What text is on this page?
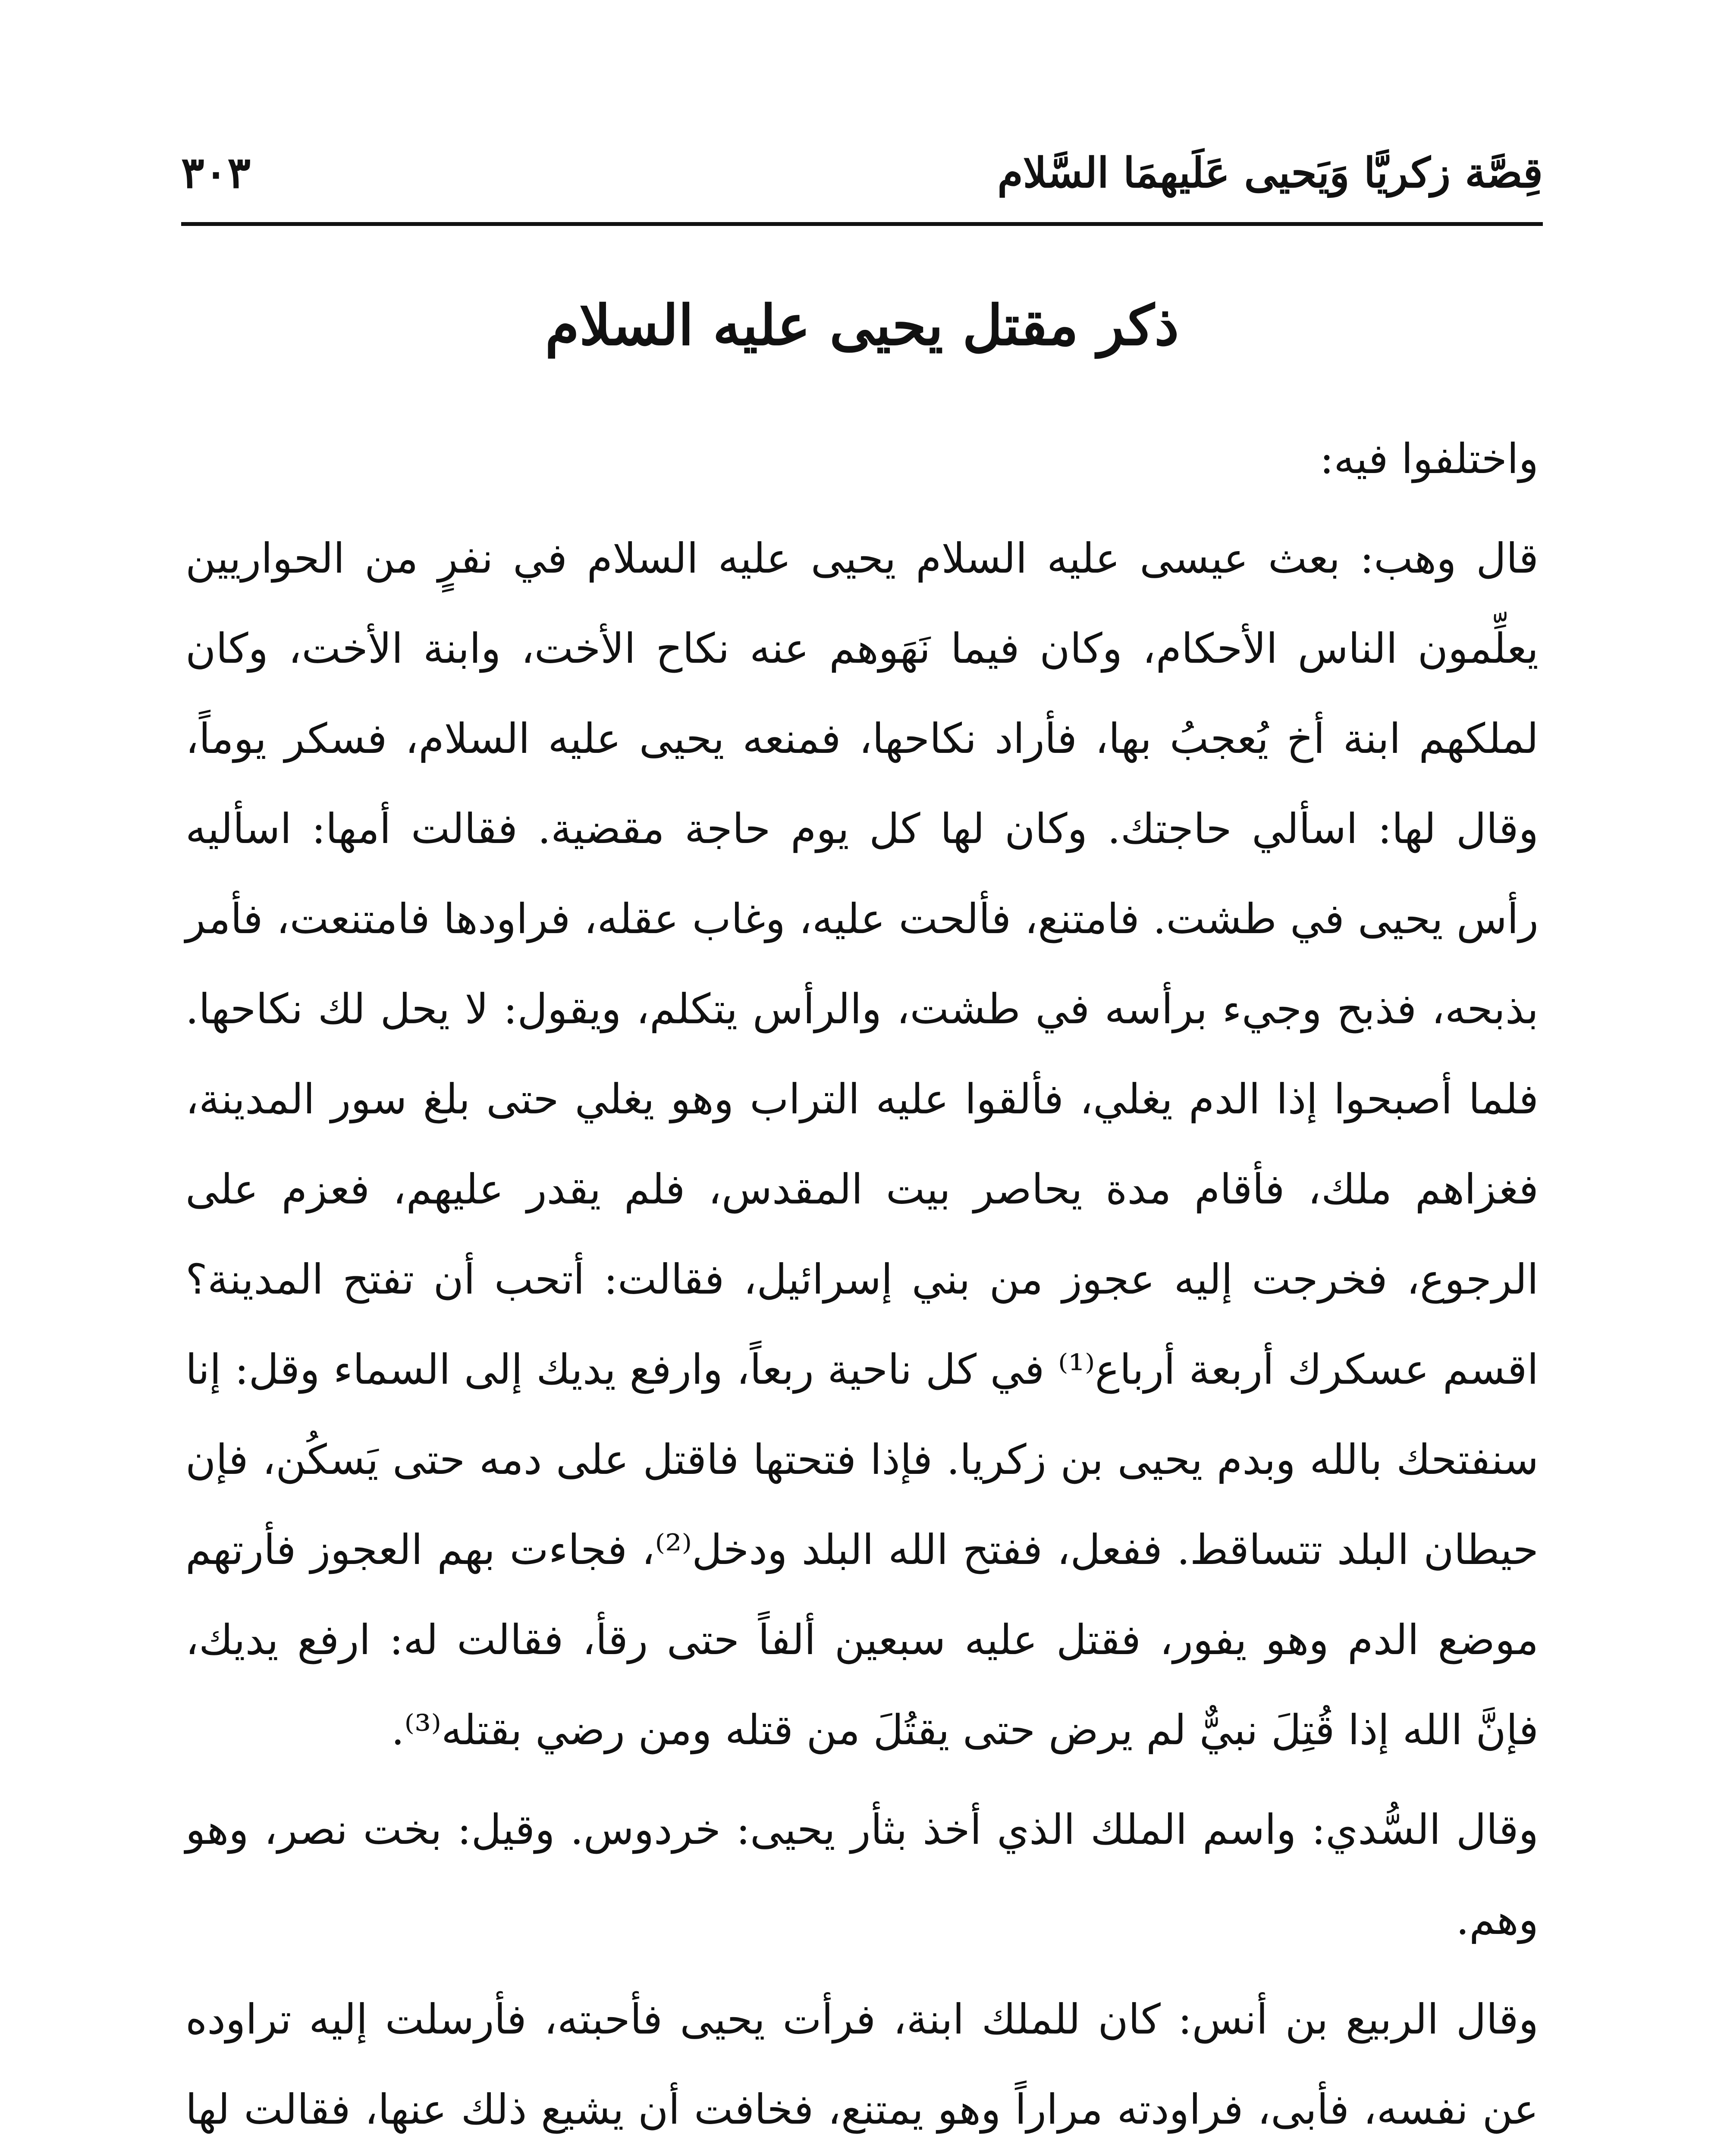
قِصَّة زكريَّا وَيَحيى عَلَيهمَا السَّلام
٣٠٣
ذكر مقتل يحيى عليه السلام

واختلفوا فيه:

قال وهب: بعث عيسى عليه السلام يحيى عليه السلام في نفرٍ من الحواريين يعلِّمون الناس الأحكام، وكان فيما نَهَوهم عنه نكاح الأخت، وابنة الأخت، وكان لملكهم ابنة أخ يُعجبُ بها، فأراد نكاحها، فمنعه يحيى عليه السلام، فسكر يوماً، وقال لها: اسألي حاجتك. وكان لها كل يوم حاجة مقضية. فقالت أمها: اسأليه رأس يحيى في طشت. فامتنع، فألحت عليه، وغاب عقله، فراودها فامتنعت، فأمر بذبحه، فذبح وجيء برأسه في طشت، والرأس يتكلم، ويقول: لا يحل لك نكاحها. فلما أصبحوا إذا الدم يغلي، فألقوا عليه التراب وهو يغلي حتى بلغ سور المدينة، فغزاهم ملك، فأقام مدة يحاصر بيت المقدس، فلم يقدر عليهم، فعزم على الرجوع، فخرجت إليه عجوز من بني إسرائيل، فقالت: أتحب أن تفتح المدينة؟ اقسم عسكرك أربعة أرباع⁽¹⁾ في كل ناحية ربعاً، وارفع يديك إلى السماء وقل: إنا سنفتحك بالله وبدم يحيى بن زكريا. فإذا فتحتها فاقتل على دمه حتى يَسكُن، فإن حيطان البلد تتساقط. ففعل، ففتح الله البلد ودخل⁽²⁾، فجاءت بهم العجوز فأرتهم موضع الدم وهو يفور، فقتل عليه سبعين ألفاً حتى رقأ، فقالت له: ارفع يديك، فإنَّ الله إذا قُتِلَ نبيٌّ لم يرض حتى يقتُلَ من قتله ومن رضي بقتله⁽³⁾.

وقال السُّدي: واسم الملك الذي أخذ بثأر يحيى: خردوس. وقيل: بخت نصر، وهو وهم.

وقال الربيع بن أنس: كان للملك ابنة، فرأت يحيى فأحبته، فأرسلت إليه تراوده عن نفسه، فأبى، فراودته مراراً وهو يمتنع، فخافت أن يشيع ذلك عنها، فقالت لها
